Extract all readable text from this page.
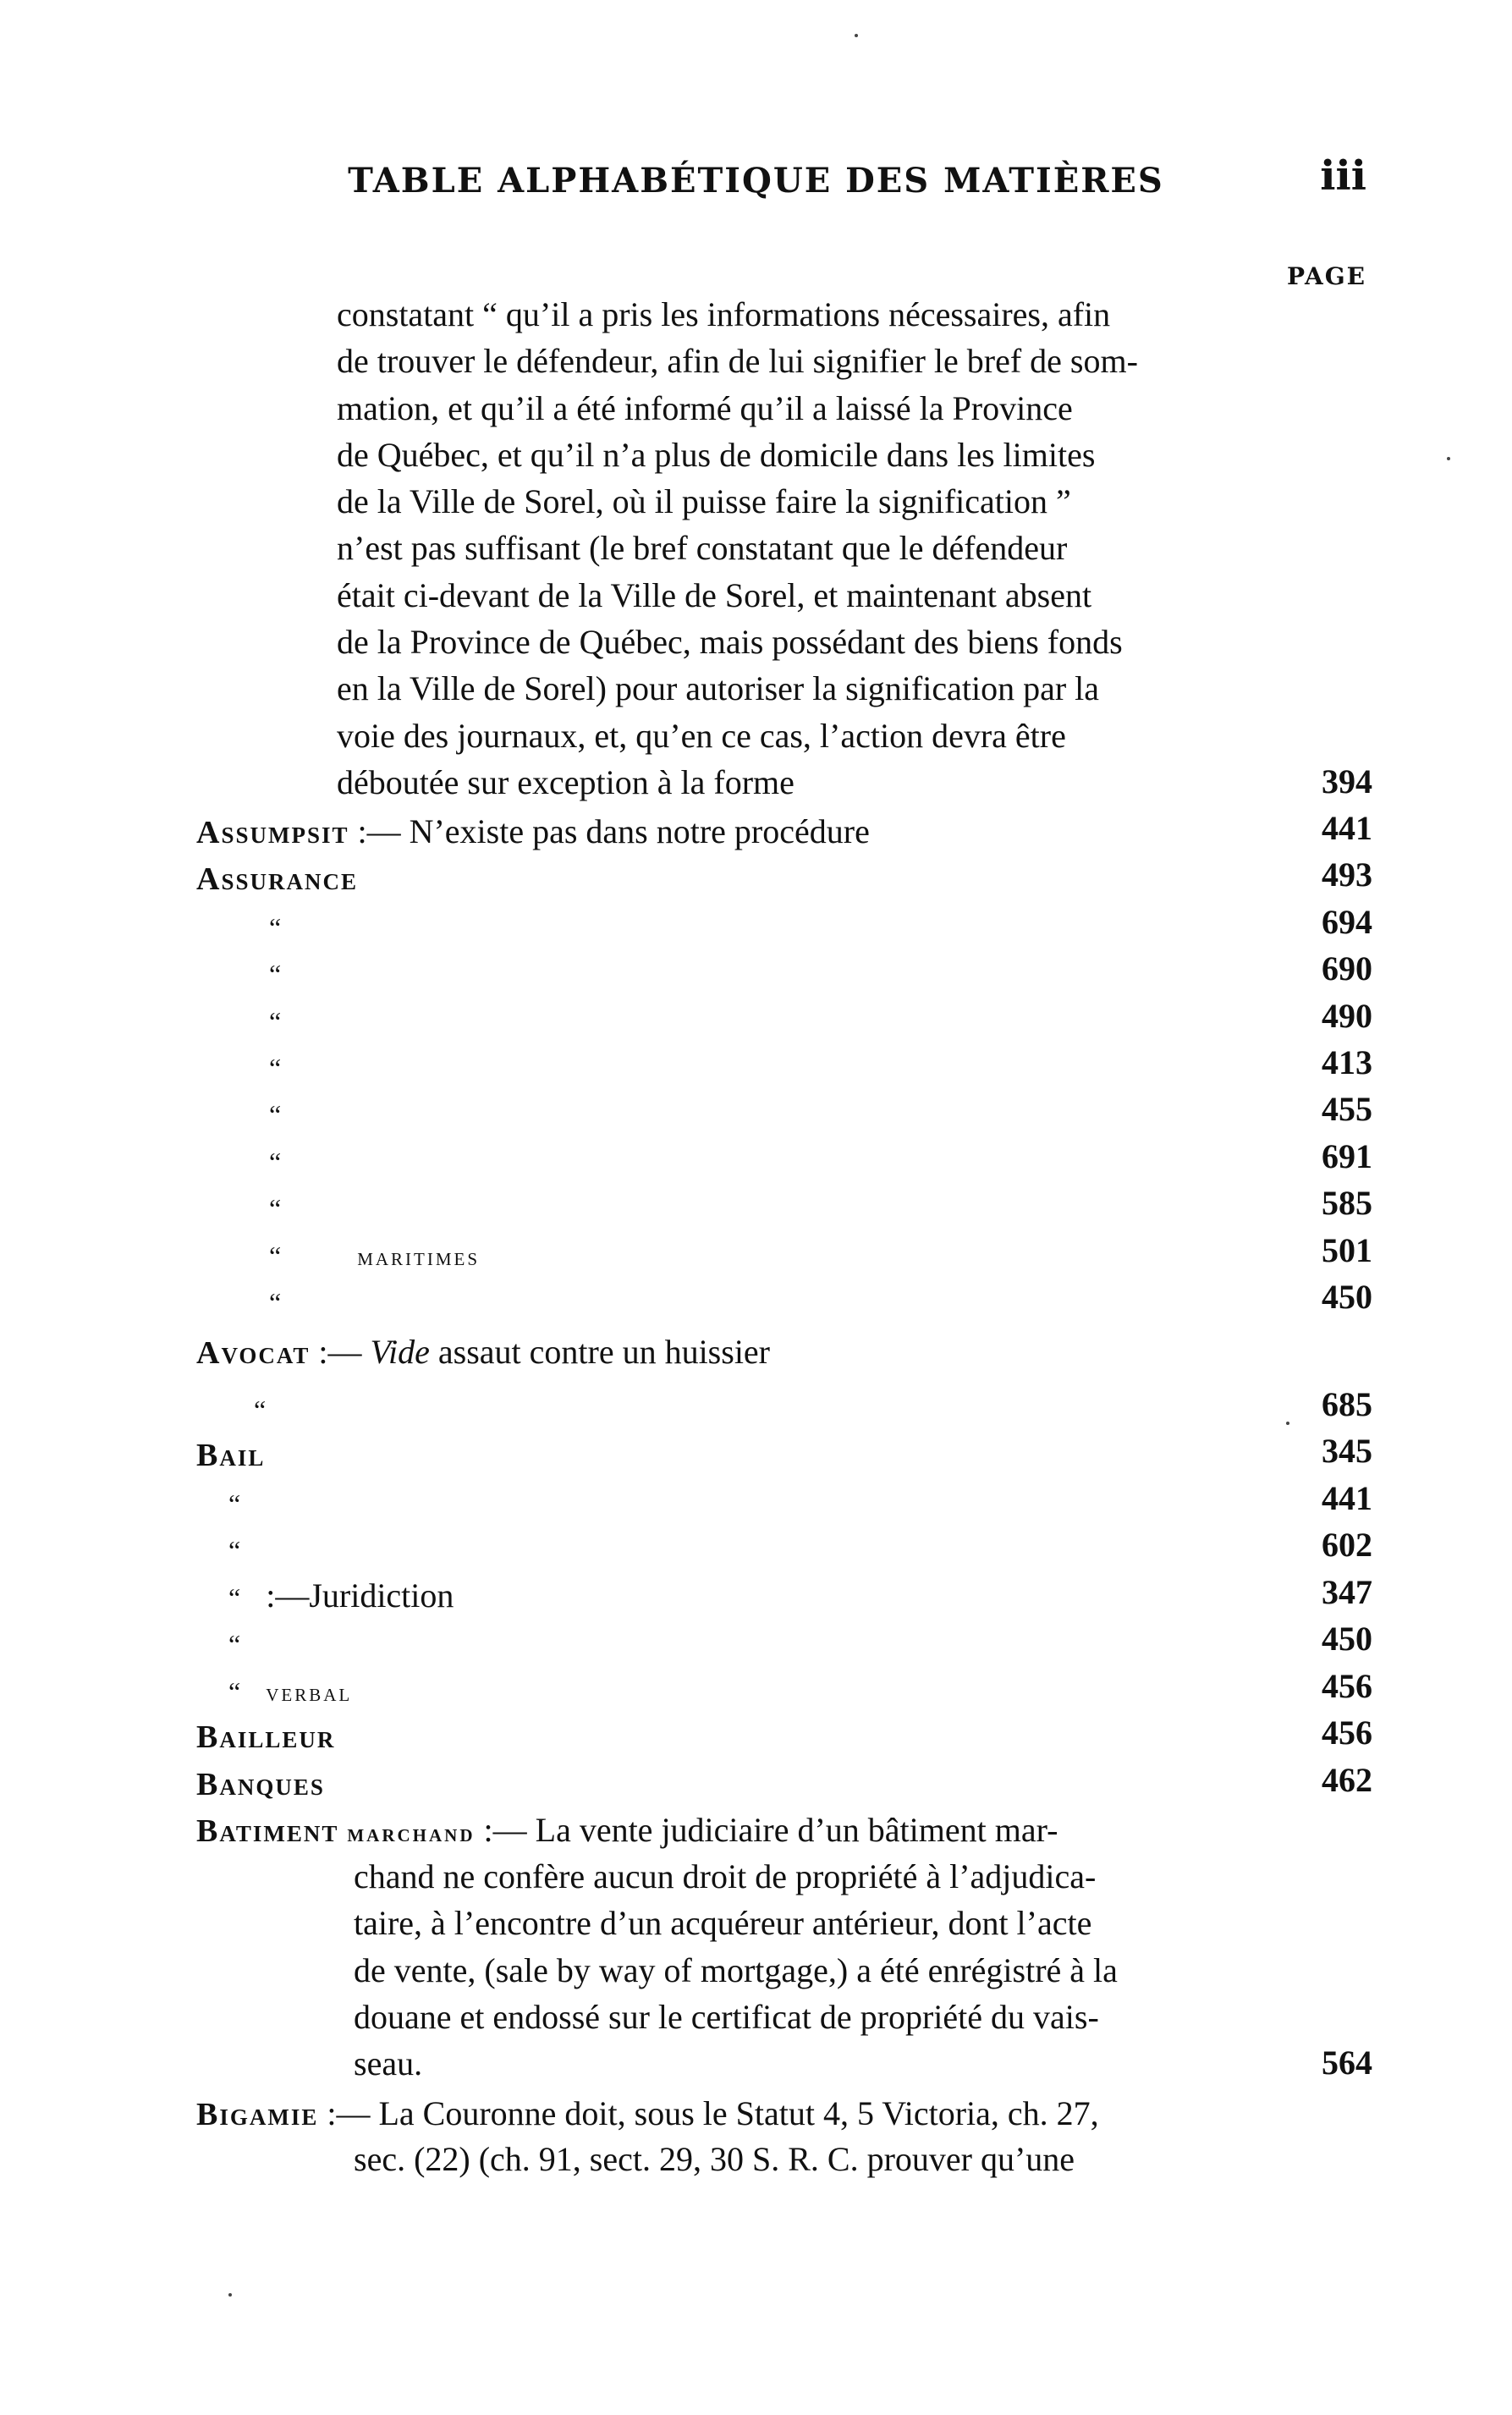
TABLE ALPHABÉTIQUE DES MATIÈRES	iii
PAGE
constatant “ qu’il a pris les informations nécessaires, afin
de trouver le défendeur, afin de lui signifier le bref de som-
mation, et qu’il a été informé qu’il a laissé la Province
de Québec, et qu’il n’a plus de domicile dans les limites
de la Ville de Sorel, où il puisse faire la signification ”
n’est pas suffisant (le bref constatant que le défendeur
était ci-devant de la Ville de Sorel, et maintenant absent
de la Province de Québec, mais possédant des biens fonds
en la Ville de Sorel) pour autoriser la signification par la
voie des journaux, et, qu’en ce cas, l’action devra être
déboutée sur exception à la forme	394
Assumpsit :— N’existe pas dans notre procédure	441
Assurance	493
“	694
“	690
“	490
“	413
“	455
“	691
“	585
“	maritimes	501
“	450
Avocat :— Vide assaut contre un huissier
“	685
Bail	345
“	441
“	602
“ :—Juridiction	347
“	450
“ verbal	456
Bailleur	456
Banques	462
Batiment marchand :— La vente judiciaire d’un bâtiment mar-
chand ne confère aucun droit de propriété à l’adjudica-
taire, à l’encontre d’un acquéreur antérieur, dont l’acte
de vente, (sale by way of mortgage,) a été enrégistré à la
douane et endossé sur le certificat de propriété du vais-
seau.	564
Bigamie :— La Couronne doit, sous le Statut 4, 5 Victoria, ch. 27,
sec. (22) (ch. 91, sect. 29, 30 S. R. C. prouver qu’une
